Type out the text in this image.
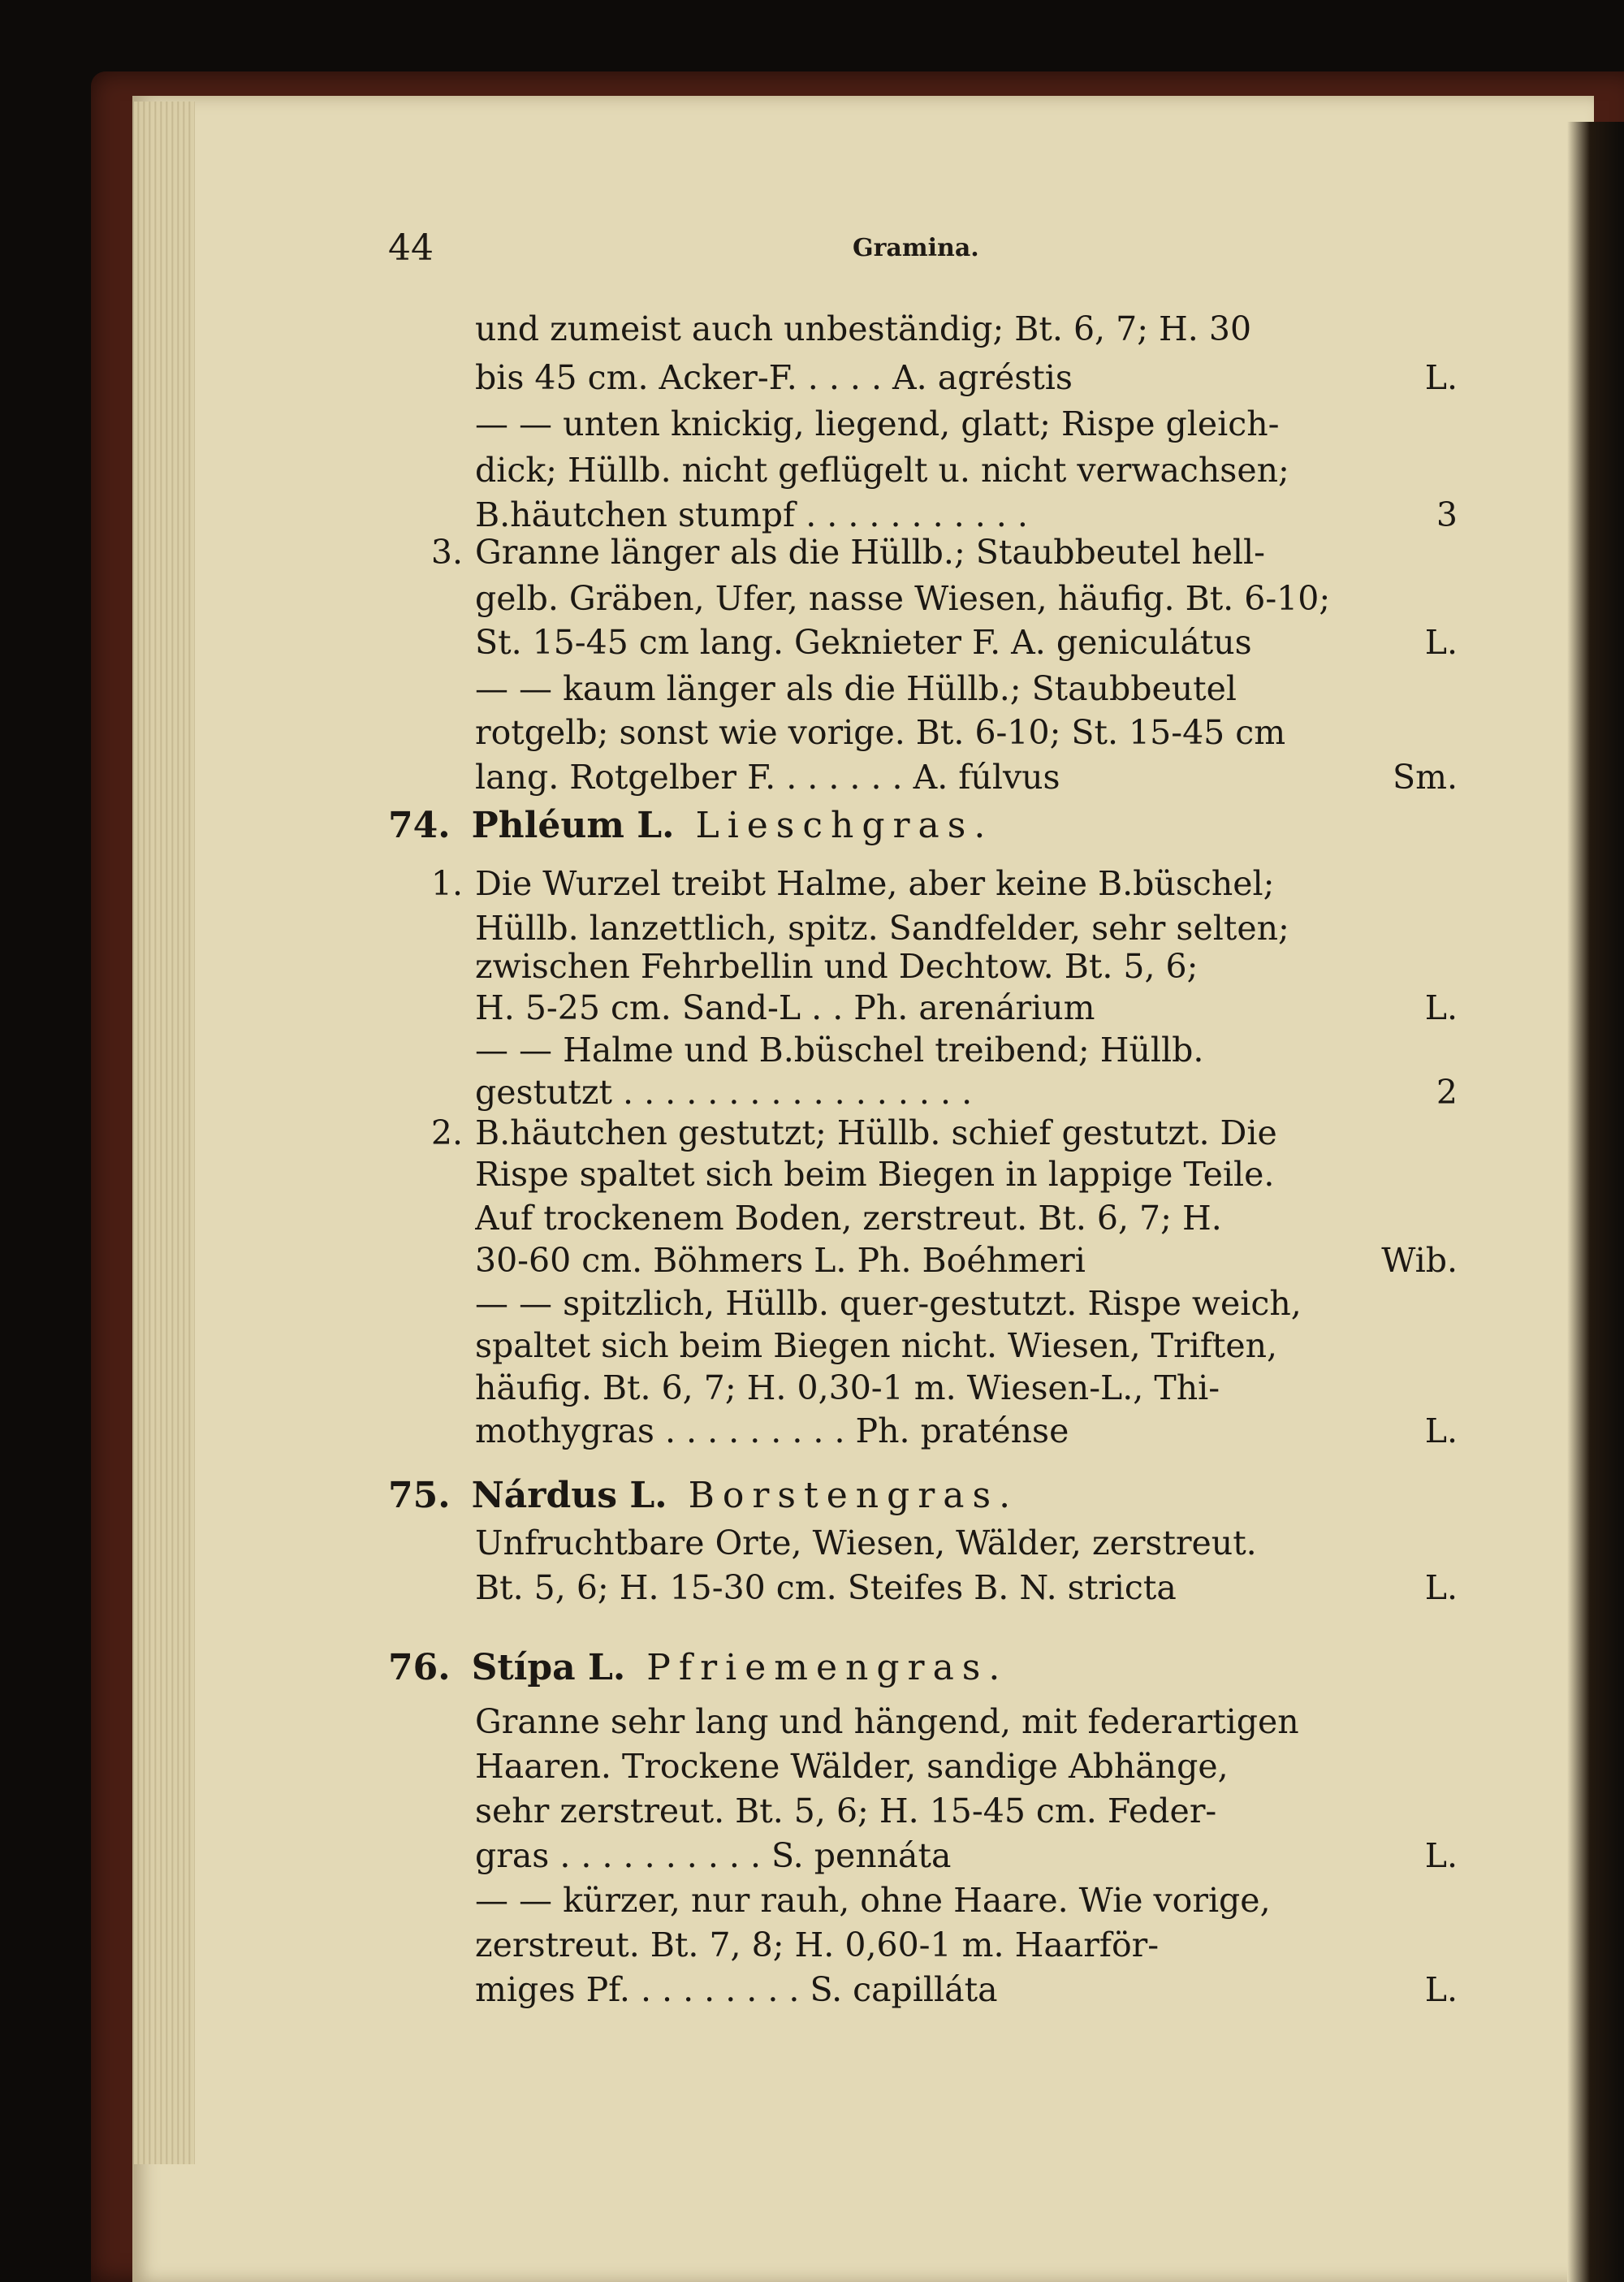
44	Gramina.
und zumeist auch unbeständig; Bt. 6, 7; H. 30
bis 45 cm. Acker-F. . . . . A. agréstis	L.
— — unten knickig, liegend, glatt; Rispe gleich-
dick; Hüllb. nicht geflügelt u. nicht verwachsen;
B.häutchen stumpf . . . . . . . . . . .	3
3. Granne länger als die Hüllb.; Staubbeutel hell-
gelb. Gräben, Ufer, nasse Wiesen, häufig. Bt. 6-10;
St. 15-45 cm lang. Geknieter F. A. geniculátus	L.
— — kaum länger als die Hüllb.; Staubbeutel
rotgelb; sonst wie vorige. Bt. 6-10; St. 15-45 cm
lang. Rotgelber F. . . . . . . A. fúlvus	Sm.
74. Phléum L. Lieschgras.
1. Die Wurzel treibt Halme, aber keine B.büschel;
Hüllb. lanzettlich, spitz. Sandfelder, sehr selten;
zwischen Fehrbellin und Dechtow. Bt. 5, 6;
H. 5-25 cm. Sand-L . . Ph. arenárium	L.
— — Halme und B.büschel treibend; Hüllb.
gestutzt . . . . . . . . . . . . . . . . .	2
2. B.häutchen gestutzt; Hüllb. schief gestutzt. Die
Rispe spaltet sich beim Biegen in lappige Teile.
Auf trockenem Boden, zerstreut. Bt. 6, 7; H.
30-60 cm. Böhmers L. Ph. Boéhmeri	Wib.
— — spitzlich, Hüllb. quer-gestutzt. Rispe weich,
spaltet sich beim Biegen nicht. Wiesen, Triften,
häufig. Bt. 6, 7; H. 0,30-1 m. Wiesen-L., Thi-
mothygras . . . . . . . . . Ph. praténse	L.
75. Nárdus L. Borstengras.
Unfruchtbare Orte, Wiesen, Wälder, zerstreut.
Bt. 5, 6; H. 15-30 cm. Steifes B. N. stricta	L.
76. Stípa L. Pfriemengras.
Granne sehr lang und hängend, mit federartigen
Haaren. Trockene Wälder, sandige Abhänge,
sehr zerstreut. Bt. 5, 6; H. 15-45 cm. Feder-
gras . . . . . . . . . . S. pennáta	L.
— — kürzer, nur rauh, ohne Haare. Wie vorige,
zerstreut. Bt. 7, 8; H. 0,60-1 m. Haarför-
miges Pf. . . . . . . . . S. capilláta	L.
